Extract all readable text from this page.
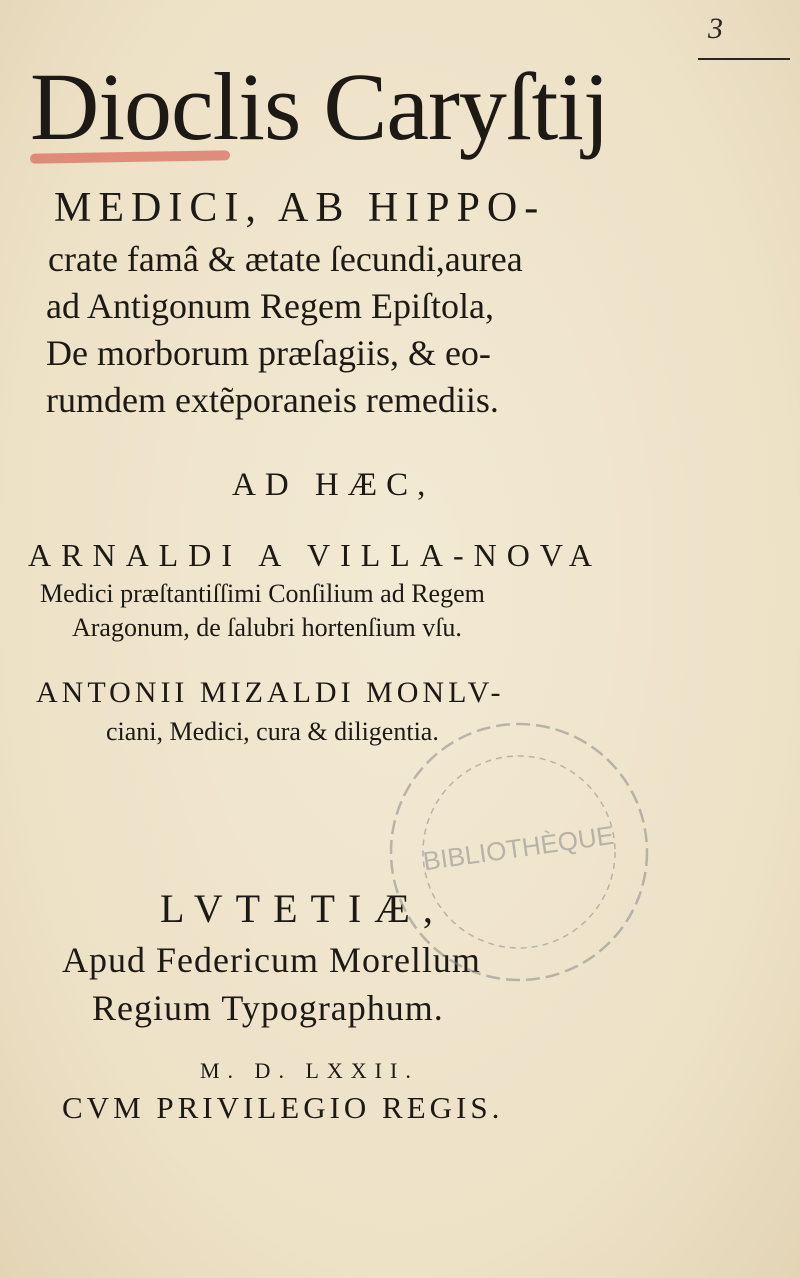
3
Dioclis Caryſtij
MEDICI, AB HIPPO-
crate famâ & ætate ſecundi,aurea
ad Antigonum Regem Epiſtola,
De morborum præſagiis, & eo-
rumdem extẽporaneis remediis.
AD HÆC,
ARNALDI A VILLA-NOVA
Medici præſtantiſſimi Conſilium ad Regem
Aragonum, de ſalubri hortenſium vſu.
ANTONII MIZALDI MONLV-
ciani, Medici, cura & diligentia.
LVTETIÆ,
Apud Federicum Morellum
Regium Typographum.
M. D. LXXII.
CVM PRIVILEGIO REGIS.
BIBLIOTHÈQUE
